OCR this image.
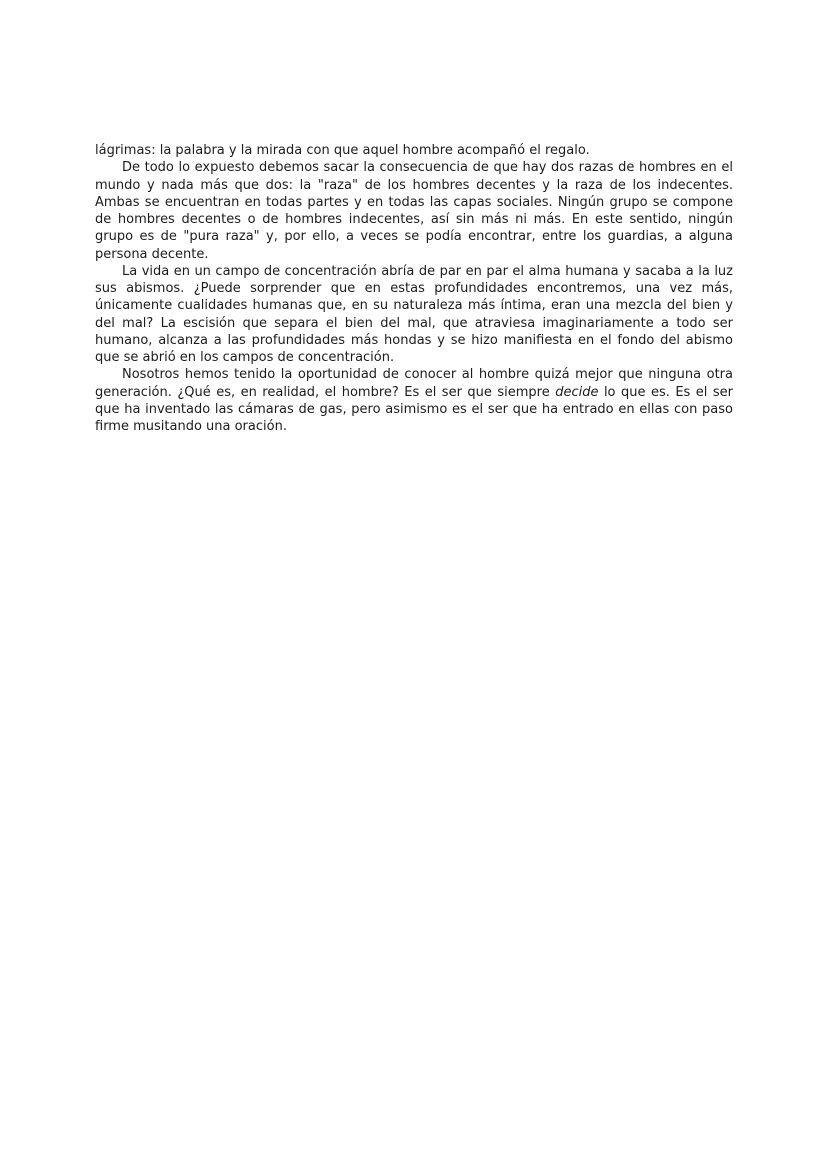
lágrimas: la palabra y la mirada con que aquel hombre acompañó el regalo.

De todo lo expuesto debemos sacar la consecuencia de que hay dos razas de hombres en el mundo y nada más que dos: la "raza" de los hombres decentes y la raza de los indecentes. Ambas se encuentran en todas partes y en todas las capas sociales. Ningún grupo se compone de hombres decentes o de hombres indecentes, así sin más ni más. En este sentido, ningún grupo es de "pura raza" y, por ello, a veces se podía encontrar, entre los guardias, a alguna persona decente.

La vida en un campo de concentración abría de par en par el alma humana y sacaba a la luz sus abismos. ¿Puede sorprender que en estas profundidades encontremos, una vez más, únicamente cualidades humanas que, en su naturaleza más íntima, eran una mezcla del bien y del mal? La escisión que separa el bien del mal, que atraviesa imaginariamente a todo ser humano, alcanza a las profundidades más hondas y se hizo manifiesta en el fondo del abismo que se abrió en los campos de concentración.

Nosotros hemos tenido la oportunidad de conocer al hombre quizá mejor que ninguna otra generación. ¿Qué es, en realidad, el hombre? Es el ser que siempre decide lo que es. Es el ser que ha inventado las cámaras de gas, pero asimismo es el ser que ha entrado en ellas con paso firme musitando una oración.
